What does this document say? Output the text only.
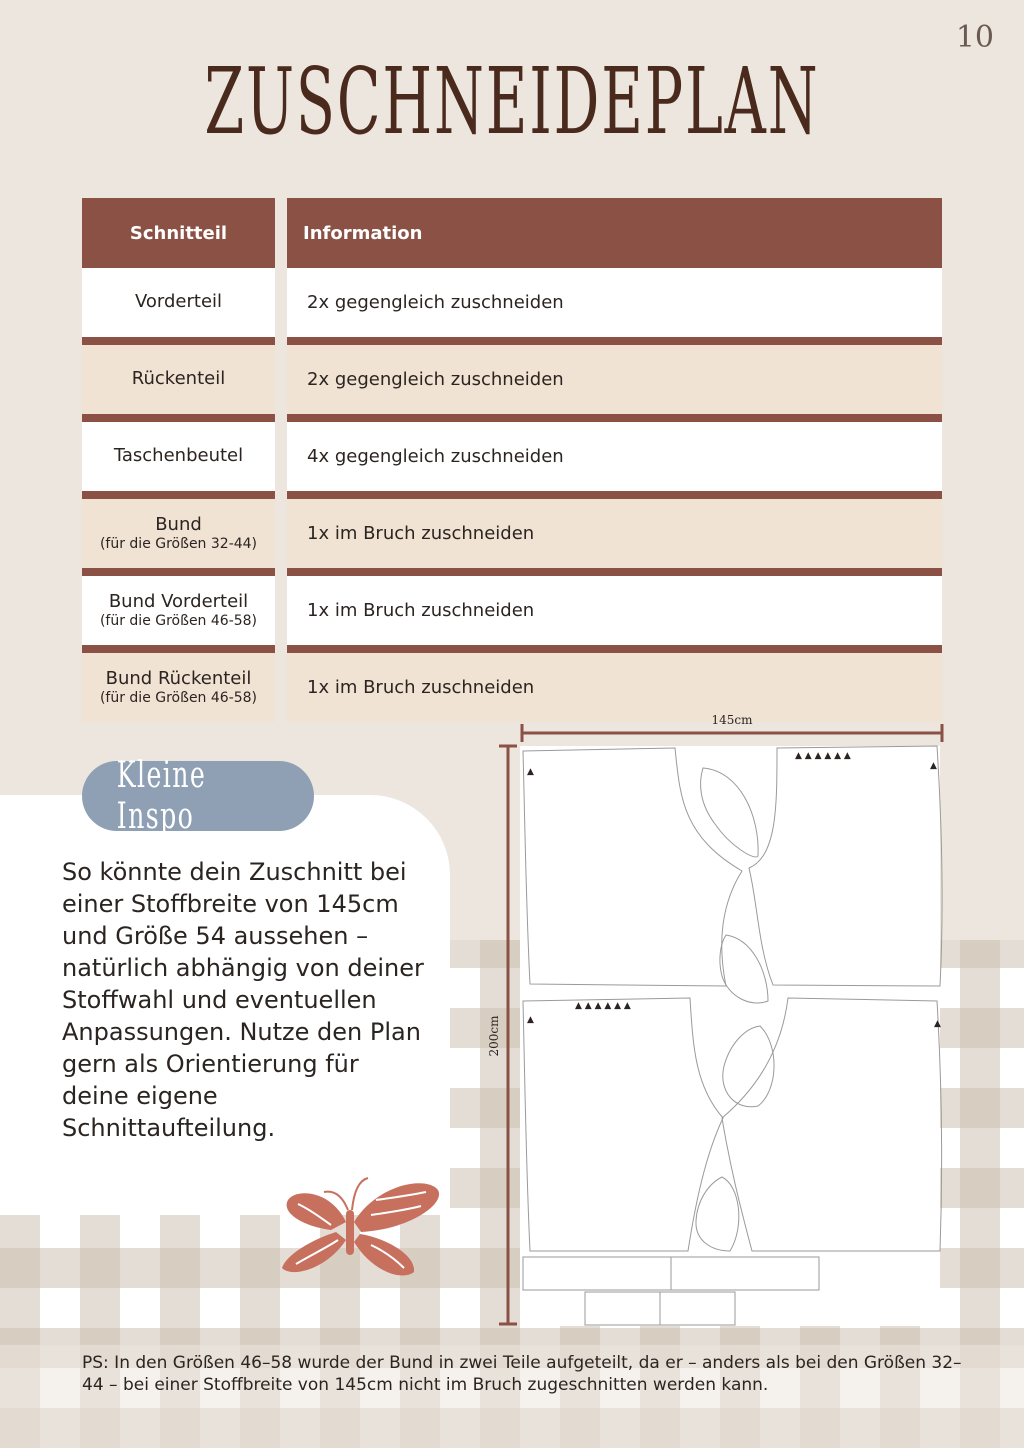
10
ZUSCHNEIDEPLAN
Schnitteil	Information
Vorderteil	2x gegengleich zuschneiden
Rückenteil	2x gegengleich zuschneiden
Taschenbeutel	4x gegengleich zuschneiden
Bund
(für die Größen 32-44)	1x im Bruch zuschneiden
Bund Vorderteil
(für die Größen 46-58)	1x im Bruch zuschneiden
Bund Rückenteil
(für die Größen 46-58)	1x im Bruch zuschneiden
Kleine Inspo
So könnte dein Zuschnitt bei einer Stoffbreite von 145cm und Größe 54 aussehen – natürlich abhängig von deiner Stoffwahl und eventuellen Anpassungen. Nutze den Plan gern als Orientierung für deine eigene Schnittaufteilung.
145cm
200cm
▲
▲
▲ ▲ ▲ ▲ ▲ ▲
▲	▲
▲ ▲ ▲ ▲ ▲ ▲
PS: In den Größen 46–58 wurde der Bund in zwei Teile aufgeteilt, da er – anders als bei den Größen 32–44 – bei einer Stoffbreite von 145cm nicht im Bruch zugeschnitten werden kann.
